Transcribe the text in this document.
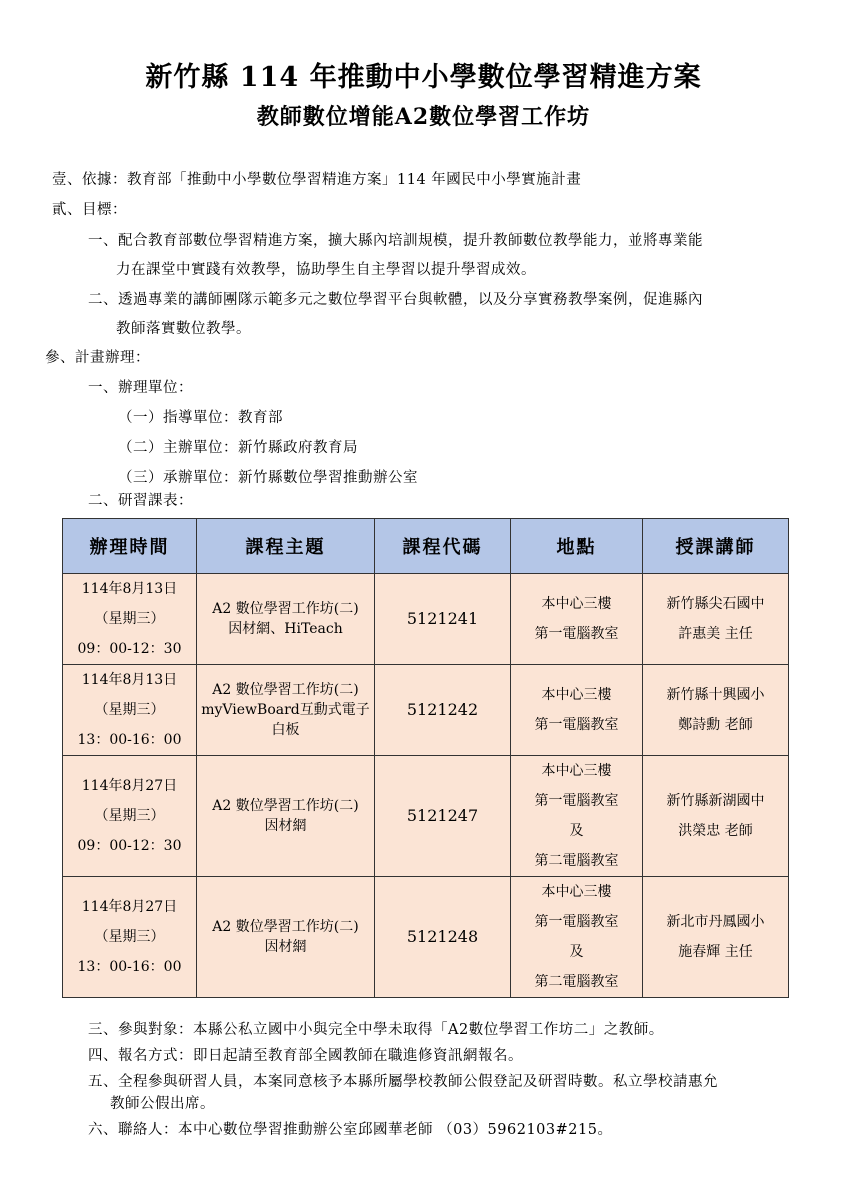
新竹縣 114 年推動中小學數位學習精進方案
教師數位增能A2數位學習工作坊
壹、依據：教育部「推動中小學數位學習精進方案」114 年國民中小學實施計畫
貳、目標：
一、配合教育部數位學習精進方案，擴大縣內培訓規模，提升教師數位教學能力，並將專業能
力在課堂中實踐有效教學，協助學生自主學習以提升學習成效。
二、透過專業的講師團隊示範多元之數位學習平台與軟體，以及分享實務教學案例，促進縣內
教師落實數位教學。
參、計畫辦理：
一、辦理單位：
（一）指導單位：教育部
（二）主辦單位：新竹縣政府教育局
（三）承辦單位：新竹縣數位學習推動辦公室
二、研習課表：
辦理時間	課程主題	課程代碼	地點	授課講師

114年8月13日
（星期三）
09：00-12：30	A2 數位學習工作坊(二)
因材網、HiTeach	5121241	本中心三樓
第一電腦教室	新竹縣尖石國中
許惠美 主任

114年8月13日
（星期三）
13：00-16：00	A2 數位學習工作坊(二)
myViewBoard互動式電子
白板	5121242	本中心三樓
第一電腦教室	新竹縣十興國小
鄭詩勳 老師

114年8月27日
（星期三）
09：00-12：30	A2 數位學習工作坊(二)
因材網	5121247	本中心三樓
第一電腦教室
及
第二電腦教室	新竹縣新湖國中
洪榮忠 老師

114年8月27日
（星期三）
13：00-16：00	A2 數位學習工作坊(二)
因材網	5121248	本中心三樓
第一電腦教室
及
第二電腦教室	新北市丹鳳國小
施春輝 主任
三、參與對象：本縣公私立國中小與完全中學未取得「A2數位學習工作坊二」之教師。
四、報名方式：即日起請至教育部全國教師在職進修資訊網報名。
五、全程參與研習人員，本案同意核予本縣所屬學校教師公假登記及研習時數。私立學校請惠允
教師公假出席。
六、聯絡人：本中心數位學習推動辦公室邱國華老師 （03）5962103#215。
